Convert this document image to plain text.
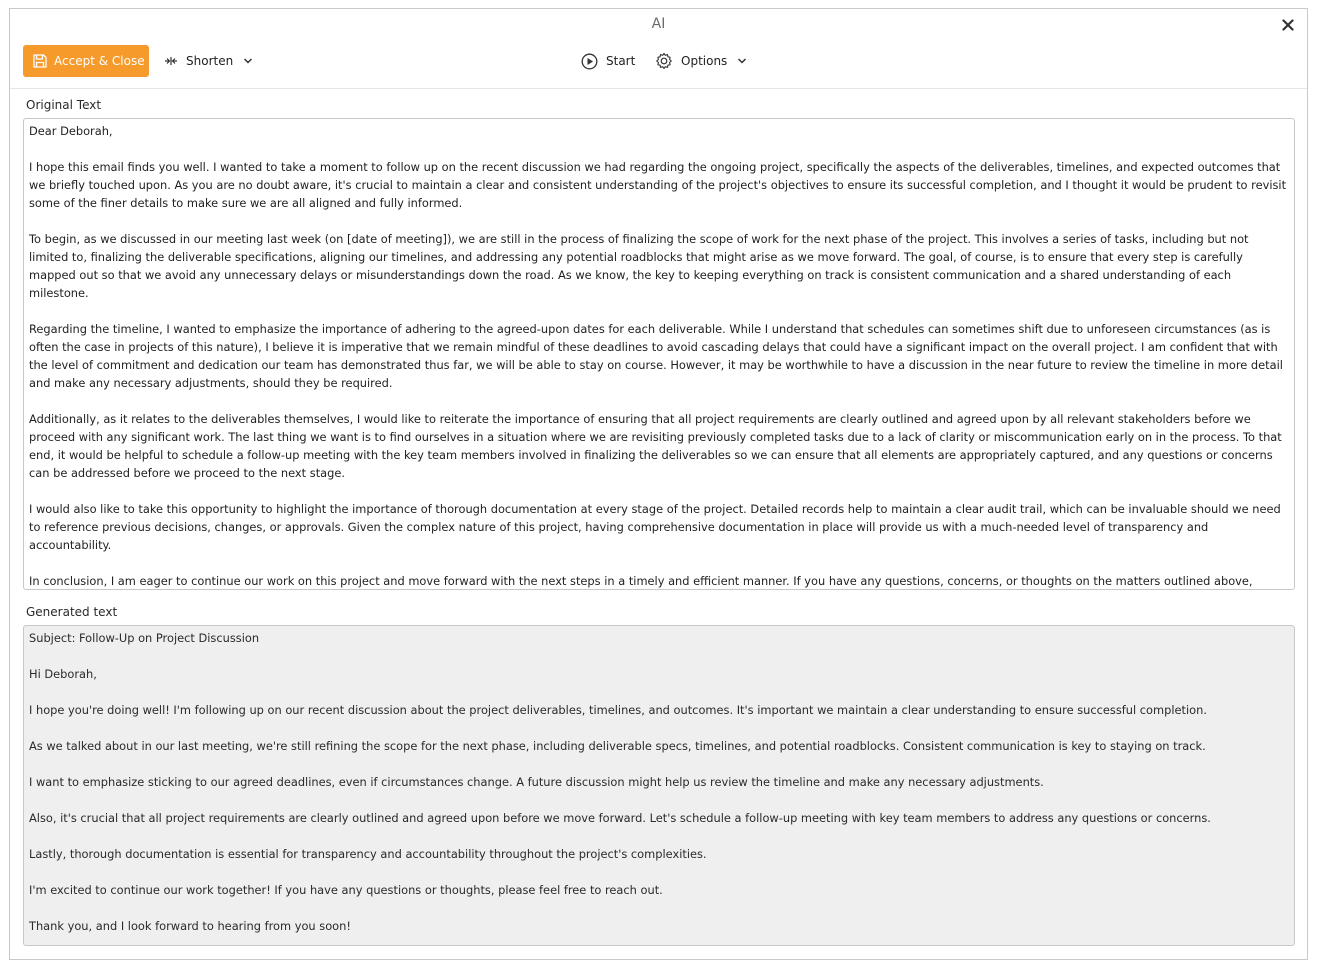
AI
Accept & Close	Shorten	Start	Options
Original Text

Dear Deborah,

I hope this email finds you well. I wanted to take a moment to follow up on the recent discussion we had regarding the ongoing project, specifically the aspects of the deliverables, timelines, and expected outcomes that we briefly touched upon. As you are no doubt aware, it's crucial to maintain a clear and consistent understanding of the project's objectives to ensure its successful completion, and I thought it would be prudent to revisit some of the finer details to make sure we are all aligned and fully informed.

To begin, as we discussed in our meeting last week (on [date of meeting]), we are still in the process of finalizing the scope of work for the next phase of the project. This involves a series of tasks, including but not limited to, finalizing the deliverable specifications, aligning our timelines, and addressing any potential roadblocks that might arise as we move forward. The goal, of course, is to ensure that every step is carefully mapped out so that we avoid any unnecessary delays or misunderstandings down the road. As we know, the key to keeping everything on track is consistent communication and a shared understanding of each milestone.

Regarding the timeline, I wanted to emphasize the importance of adhering to the agreed-upon dates for each deliverable. While I understand that schedules can sometimes shift due to unforeseen circumstances (as is often the case in projects of this nature), I believe it is imperative that we remain mindful of these deadlines to avoid cascading delays that could have a significant impact on the overall project. I am confident that with the level of commitment and dedication our team has demonstrated thus far, we will be able to stay on course. However, it may be worthwhile to have a discussion in the near future to review the timeline in more detail and make any necessary adjustments, should they be required.

Additionally, as it relates to the deliverables themselves, I would like to reiterate the importance of ensuring that all project requirements are clearly outlined and agreed upon by all relevant stakeholders before we proceed with any significant work. The last thing we want is to find ourselves in a situation where we are revisiting previously completed tasks due to a lack of clarity or miscommunication early on in the process. To that end, it would be helpful to schedule a follow-up meeting with the key team members involved in finalizing the deliverables so we can ensure that all elements are appropriately captured, and any questions or concerns can be addressed before we proceed to the next stage.

I would also like to take this opportunity to highlight the importance of thorough documentation at every stage of the project. Detailed records help to maintain a clear audit trail, which can be invaluable should we need to reference previous decisions, changes, or approvals. Given the complex nature of this project, having comprehensive documentation in place will provide us with a much-needed level of transparency and accountability.

In conclusion, I am eager to continue our work on this project and move forward with the next steps in a timely and efficient manner. If you have any questions, concerns, or thoughts on the matters outlined above,

Generated text

Subject: Follow-Up on Project Discussion

Hi Deborah,

I hope you're doing well! I'm following up on our recent discussion about the project deliverables, timelines, and outcomes. It's important we maintain a clear understanding to ensure successful completion.

As we talked about in our last meeting, we're still refining the scope for the next phase, including deliverable specs, timelines, and potential roadblocks. Consistent communication is key to staying on track.

I want to emphasize sticking to our agreed deadlines, even if circumstances change. A future discussion might help us review the timeline and make any necessary adjustments.

Also, it's crucial that all project requirements are clearly outlined and agreed upon before we move forward. Let's schedule a follow-up meeting with key team members to address any questions or concerns.

Lastly, thorough documentation is essential for transparency and accountability throughout the project's complexities.

I'm excited to continue our work together! If you have any questions or thoughts, please feel free to reach out.

Thank you, and I look forward to hearing from you soon!
